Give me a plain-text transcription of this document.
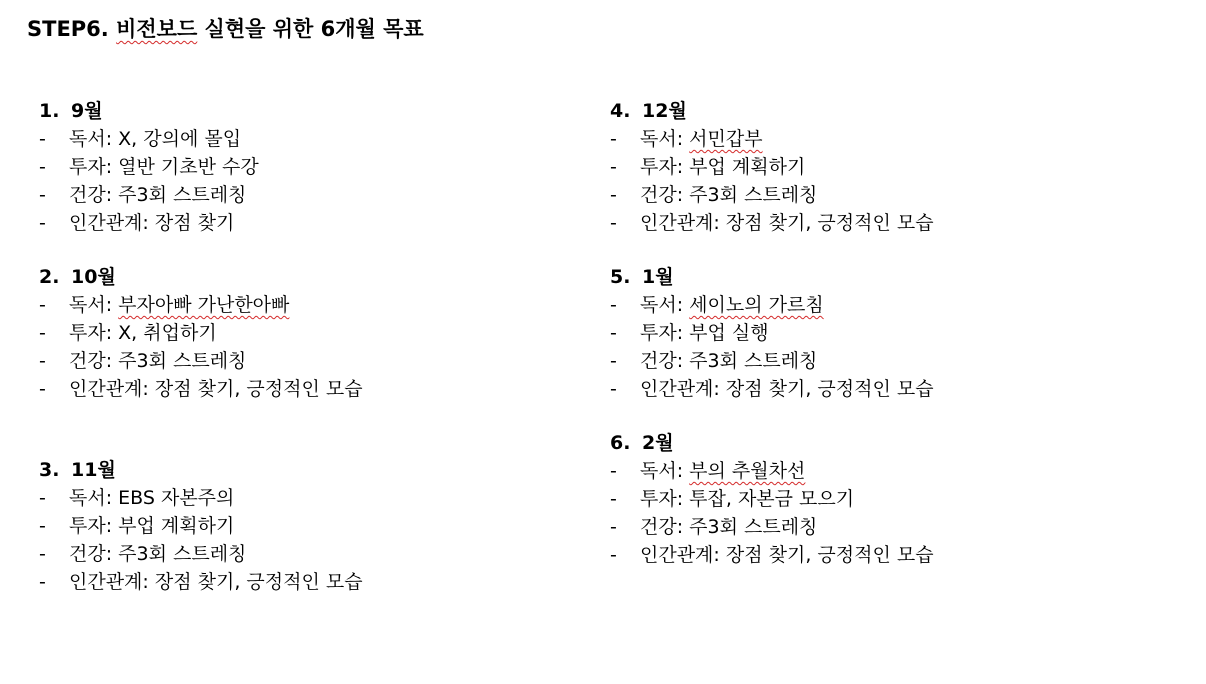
STEP6. 비전보드 실현을 위한 6개월 목표
1. 9월
- 독서: X, 강의에 몰입
- 투자: 열반 기초반 수강
- 건강: 주3회 스트레칭
- 인간관계: 장점 찾기
2. 10월
- 독서: 부자아빠 가난한아빠
- 투자: X, 취업하기
- 건강: 주3회 스트레칭
- 인간관계: 장점 찾기, 긍정적인 모습
3. 11월
- 독서: EBS 자본주의
- 투자: 부업 계획하기
- 건강: 주3회 스트레칭
- 인간관계: 장점 찾기, 긍정적인 모습
4. 12월
- 독서: 서민갑부
- 투자: 부업 계획하기
- 건강: 주3회 스트레칭
- 인간관계: 장점 찾기, 긍정적인 모습
5. 1월
- 독서: 세이노의 가르침
- 투자: 부업 실행
- 건강: 주3회 스트레칭
- 인간관계: 장점 찾기, 긍정적인 모습
6. 2월
- 독서: 부의 추월차선
- 투자: 투잡, 자본금 모으기
- 건강: 주3회 스트레칭
- 인간관계: 장점 찾기, 긍정적인 모습
